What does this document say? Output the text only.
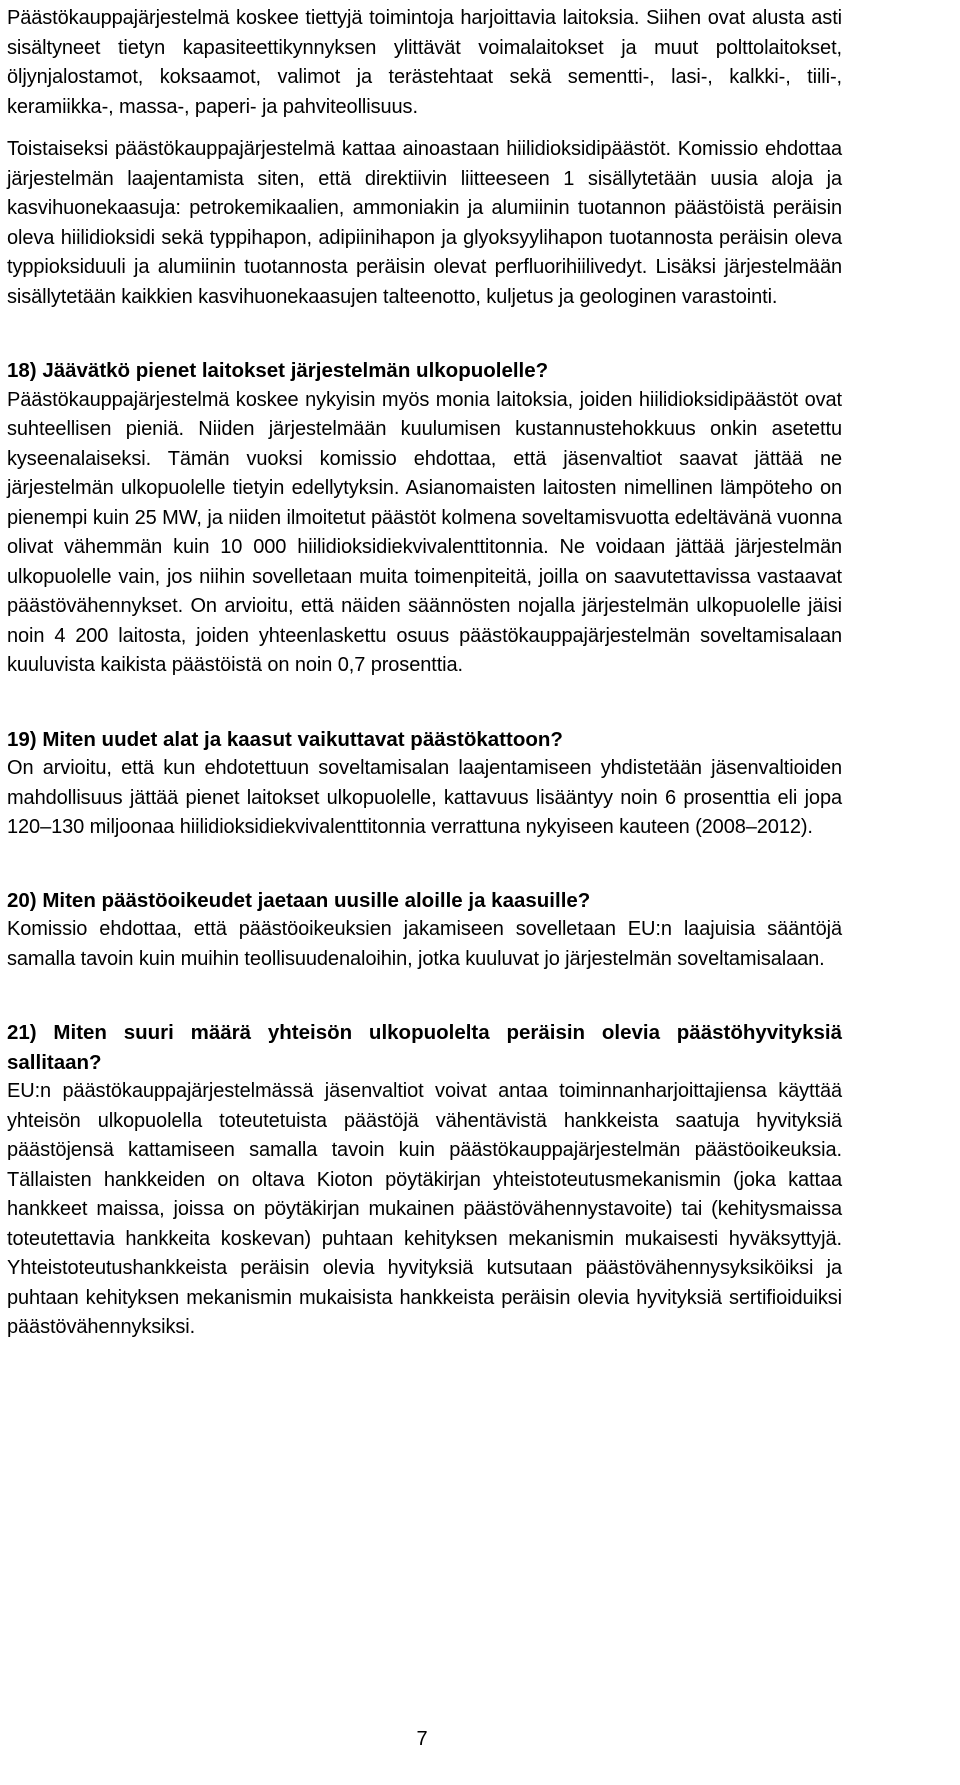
Päästökauppajärjestelmä koskee tiettyjä toimintoja harjoittavia laitoksia. Siihen ovat alusta asti sisältyneet tietyn kapasiteettikynnyksen ylittävät voimalaitokset ja muut polttolaitokset, öljynjalostamot, koksaamot, valimot ja terästehtaat sekä sementti-, lasi-, kalkki-, tiili-, keramiikka-, massa-, paperi- ja pahviteollisuus.

Toistaiseksi päästökauppajärjestelmä kattaa ainoastaan hiilidioksidipäästöt. Komissio ehdottaa järjestelmän laajentamista siten, että direktiivin liitteeseen 1 sisällytetään uusia aloja ja kasvihuonekaasuja: petrokemikaalien, ammoniakin ja alumiinin tuotannon päästöistä peräisin oleva hiilidioksidi sekä typpihapon, adipiinihapon ja glyoksyylihapon tuotannosta peräisin oleva typpioksiduuli ja alumiinin tuotannosta peräisin olevat perfluorihiilivedyt. Lisäksi järjestelmään sisällytetään kaikkien kasvihuonekaasujen talteenotto, kuljetus ja geologinen varastointi.

18) Jäävätkö pienet laitokset järjestelmän ulkopuolelle?

Päästökauppajärjestelmä koskee nykyisin myös monia laitoksia, joiden hiilidioksidipäästöt ovat suhteellisen pieniä. Niiden järjestelmään kuulumisen kustannustehokkuus onkin asetettu kyseenalaiseksi. Tämän vuoksi komissio ehdottaa, että jäsenvaltiot saavat jättää ne järjestelmän ulkopuolelle tietyin edellytyksin. Asianomaisten laitosten nimellinen lämpöteho on pienempi kuin 25 MW, ja niiden ilmoitetut päästöt kolmena soveltamisvuotta edeltävänä vuonna olivat vähemmän kuin 10 000 hiilidioksidiekvivalenttitonnia. Ne voidaan jättää järjestelmän ulkopuolelle vain, jos niihin sovelletaan muita toimenpiteitä, joilla on saavutettavissa vastaavat päästövähennykset. On arvioitu, että näiden säännösten nojalla järjestelmän ulkopuolelle jäisi noin 4 200 laitosta, joiden yhteenlaskettu osuus päästökauppajärjestelmän soveltamisalaan kuuluvista kaikista päästöistä on noin 0,7 prosenttia.

19) Miten uudet alat ja kaasut vaikuttavat päästökattoon?

On arvioitu, että kun ehdotettuun soveltamisalan laajentamiseen yhdistetään jäsenvaltioiden mahdollisuus jättää pienet laitokset ulkopuolelle, kattavuus lisääntyy noin 6 prosenttia eli jopa 120–130 miljoonaa hiilidioksidiekvivalenttitonnia verrattuna nykyiseen kauteen (2008–2012).

20) Miten päästöoikeudet jaetaan uusille aloille ja kaasuille?

Komissio ehdottaa, että päästöoikeuksien jakamiseen sovelletaan EU:n laajuisia sääntöjä samalla tavoin kuin muihin teollisuudenaloihin, jotka kuuluvat jo järjestelmän soveltamisalaan.

21) Miten suuri määrä yhteisön ulkopuolelta peräisin olevia päästöhyvityksiä sallitaan?

EU:n päästökauppajärjestelmässä jäsenvaltiot voivat antaa toiminnanharjoittajiensa käyttää yhteisön ulkopuolella toteutetuista päästöjä vähentävistä hankkeista saatuja hyvityksiä päästöjensä kattamiseen samalla tavoin kuin päästökauppajärjestelmän päästöoikeuksia. Tällaisten hankkeiden on oltava Kioton pöytäkirjan yhteistoteutusmekanismin (joka kattaa hankkeet maissa, joissa on pöytäkirjan mukainen päästövähennystavoite) tai (kehitysmaissa toteutettavia hankkeita koskevan) puhtaan kehityksen mekanismin mukaisesti hyväksyttyjä. Yhteistoteutushankkeista peräisin olevia hyvityksiä kutsutaan päästövähennysyksiköiksi ja puhtaan kehityksen mekanismin mukaisista hankkeista peräisin olevia hyvityksiä sertifioiduiksi päästövähennyksiksi.

7
